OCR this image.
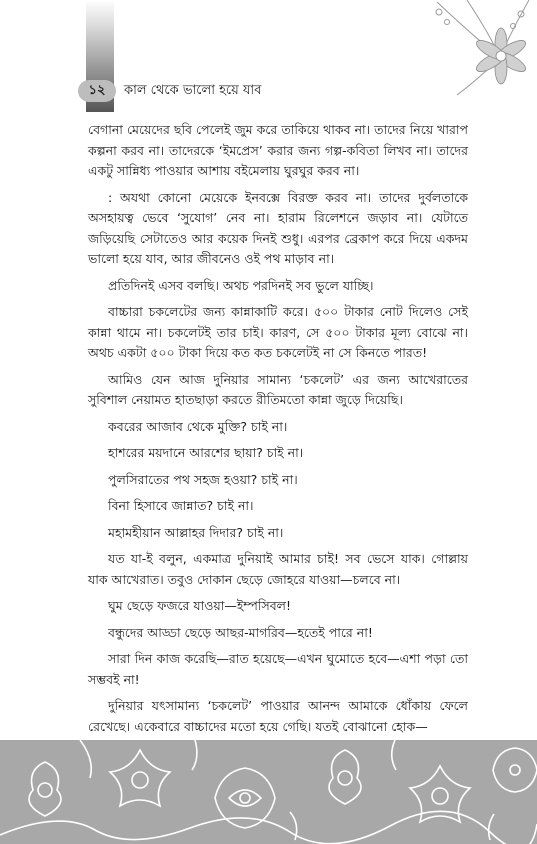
১২	কাল থেকে ভালো হয়ে যাব

বেগানা মেয়েদের ছবি পেলেই জুম করে তাকিয়ে থাকব না। তাদের নিয়ে খারাপ কল্পনা করব না। তাদেরকে ‘ইমপ্রেস’ করার জন্য গল্প-কবিতা লিখব না। তাদের একটু সান্নিধ্য পাওয়ার আশায় বইমেলায় ঘুরঘুর করব না।

: অযথা কোনো মেয়েকে ইনবক্সে বিরক্ত করব না। তাদের দুর্বলতাকে অসহায়ত্ব ভেবে ‘সুযোগ’ নেব না। হারাম রিলেশনে জড়াব না। যেটাতে জড়িয়েছি সেটাতেও আর কয়েক দিনই শুধু। এরপর ব্রেকাপ করে দিয়ে একদম ভালো হয়ে যাব, আর জীবনেও ওই পথ মাড়াব না।

প্রতিদিনই এসব বলছি। অথচ পরদিনই সব ভুলে যাচ্ছি।

বাচ্চারা চকলেটের জন্য কান্নাকাটি করে। ৫০০ টাকার নোট দিলেও সেই কান্না থামে না। চকলেটই তার চাই। কারণ, সে ৫০০ টাকার মূল্য বোঝে না। অথচ একটা ৫০০ টাকা দিয়ে কত কত চকলেটই না সে কিনতে পারত!

আমিও যেন আজ দুনিয়ার সামান্য ‘চকলেট’ এর জন্য আখেরাতের সুবিশাল নেয়ামত হাতছাড়া করতে রীতিমতো কান্না জুড়ে দিয়েছি।

কবরের আজাব থেকে মুক্তি? চাই না।

হাশরের ময়দানে আরশের ছায়া? চাই না।

পুলসিরাতের পথ সহজ হওয়া? চাই না।

বিনা হিসাবে জান্নাত? চাই না।

মহামহীয়ান আল্লাহর দিদার? চাই না।

যত যা-ই বলুন, একমাত্র দুনিয়াই আমার চাই! সব ভেসে যাক। গোল্লায় যাক আখেরাত। তবুও দোকান ছেড়ে জোহরে যাওয়া—চলবে না।

ঘুম ছেড়ে ফজরে যাওয়া—ইম্পসিবল!

বন্ধুদের আড্ডা ছেড়ে আছর-মাগরিব—হতেই পারে না!

সারা দিন কাজ করেছি—রাত হয়েছে—এখন ঘুমোতে হবে—এশা পড়া তো সম্ভবই না!

দুনিয়ার যৎসামান্য ‘চকলেট’ পাওয়ার আনন্দ আমাকে ধোঁকায় ফেলে রেখেছে। একেবারে বাচ্চাদের মতো হয়ে গেছি। যতই বোঝানো হোক—
